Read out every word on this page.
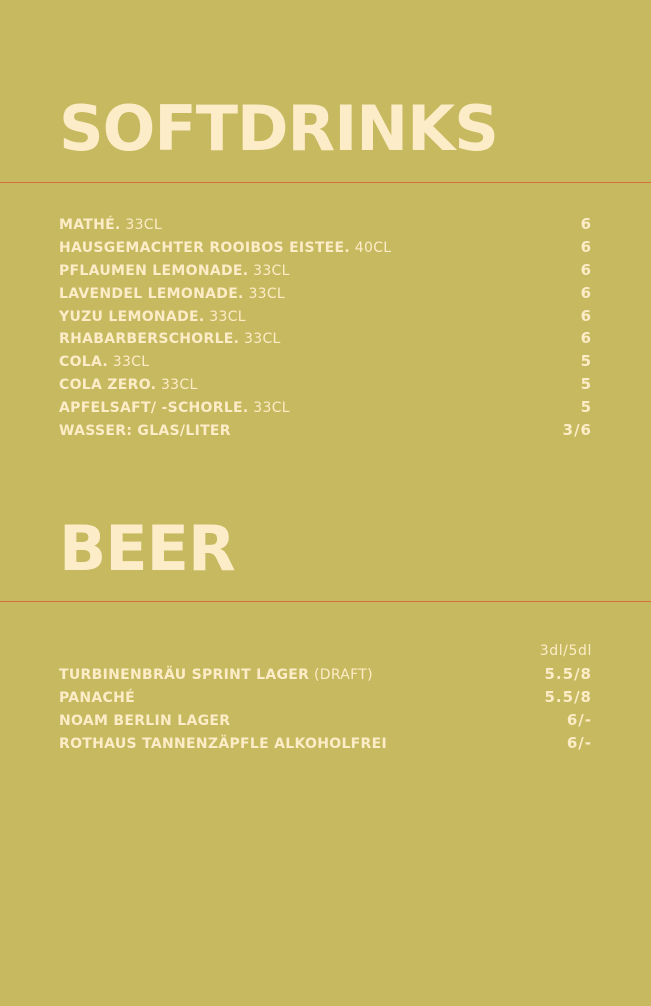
SOFTDRINKS
MATHÉ. 33CL	6
HAUSGEMACHTER ROOIBOS EISTEE. 40CL	6
PFLAUMEN LEMONADE. 33CL	6
LAVENDEL LEMONADE. 33CL	6
YUZU LEMONADE. 33CL	6
RHABARBERSCHORLE. 33CL	6
COLA. 33CL	5
COLA ZERO. 33CL	5
APFELSAFT/ -SCHORLE. 33CL	5
WASSER: GLAS/LITER	3/6
BEER
3dl/5dl
TURBINENBRÄU SPRINT LAGER (DRAFT)	5.5/8
PANACHÉ	5.5/8
NOAM BERLIN LAGER	6/-
ROTHAUS TANNENZÄPFLE ALKOHOLFREI	6/-
